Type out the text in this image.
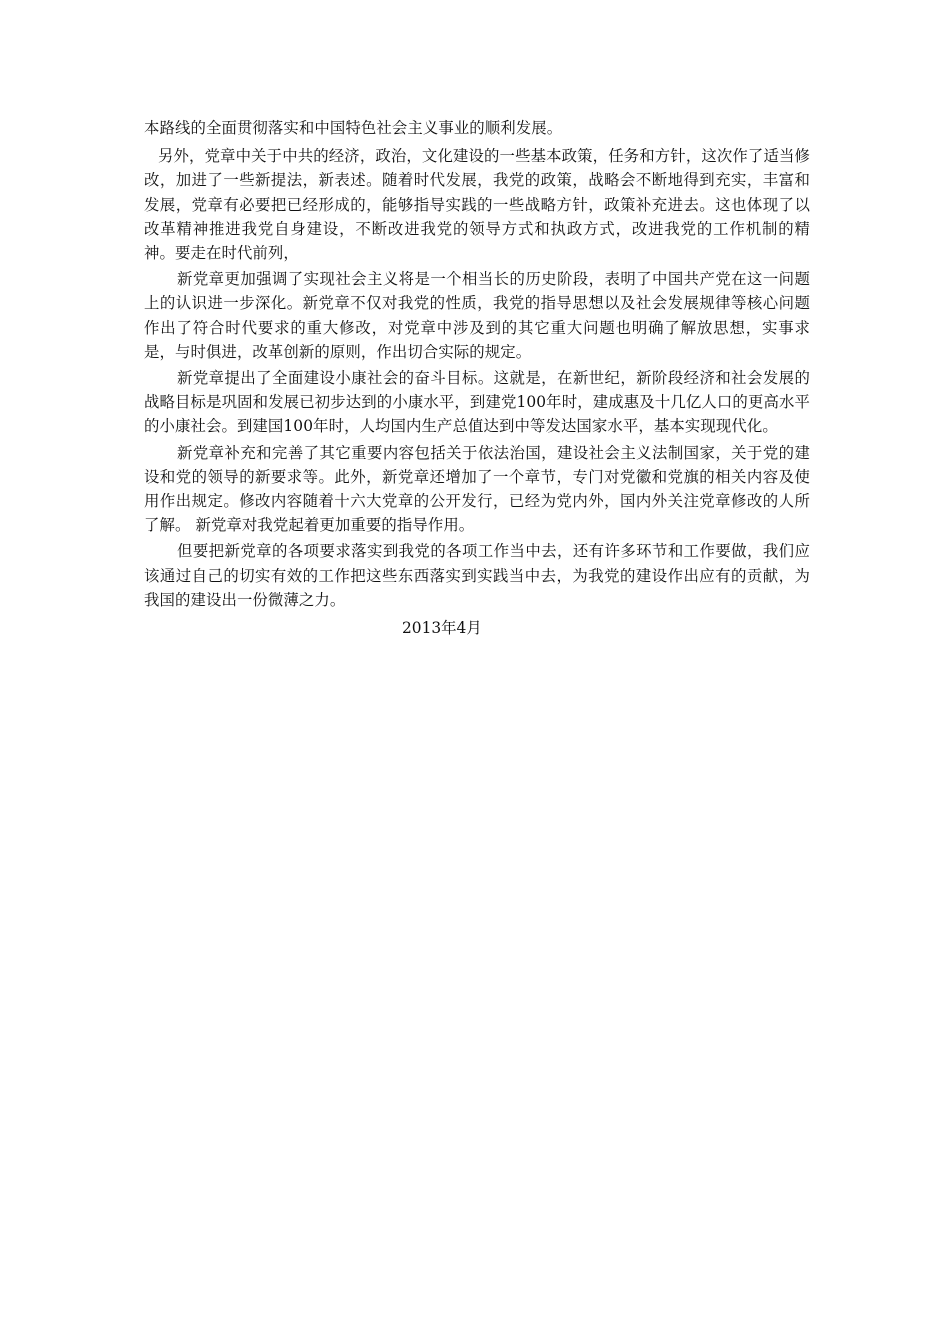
本路线的全面贯彻落实和中国特色社会主义事业的顺利发展。

另外，党章中关于中共的经济，政治，文化建设的一些基本政策，任务和方针，这次作了适当修改，加进了一些新提法，新表述。随着时代发展，我党的政策，战略会不断地得到充实，丰富和发展，党章有必要把已经形成的，能够指导实践的一些战略方针，政策补充进去。这也体现了以改革精神推进我党自身建设，不断改进我党的领导方式和执政方式，改进我党的工作机制的精神。要走在时代前列，

新党章更加强调了实现社会主义将是一个相当长的历史阶段，表明了中国共产党在这一问题上的认识进一步深化。新党章不仅对我党的性质，我党的指导思想以及社会发展规律等核心问题作出了符合时代要求的重大修改，对党章中涉及到的其它重大问题也明确了解放思想，实事求是，与时俱进，改革创新的原则，作出切合实际的规定。

新党章提出了全面建设小康社会的奋斗目标。这就是，在新世纪，新阶段经济和社会发展的战略目标是巩固和发展已初步达到的小康水平，到建党100年时，建成惠及十几亿人口的更高水平的小康社会。到建国100年时，人均国内生产总值达到中等发达国家水平，基本实现现代化。

新党章补充和完善了其它重要内容包括关于依法治国，建设社会主义法制国家，关于党的建设和党的领导的新要求等。此外，新党章还增加了一个章节，专门对党徽和党旗的相关内容及使用作出规定。修改内容随着十六大党章的公开发行，已经为党内外，国内外关注党章修改的人所了解。 新党章对我党起着更加重要的指导作用。

但要把新党章的各项要求落实到我党的各项工作当中去，还有许多环节和工作要做，我们应该通过自己的切实有效的工作把这些东西落实到实践当中去，为我党的建设作出应有的贡献，为我国的建设出一份微薄之力。

2013年4月
